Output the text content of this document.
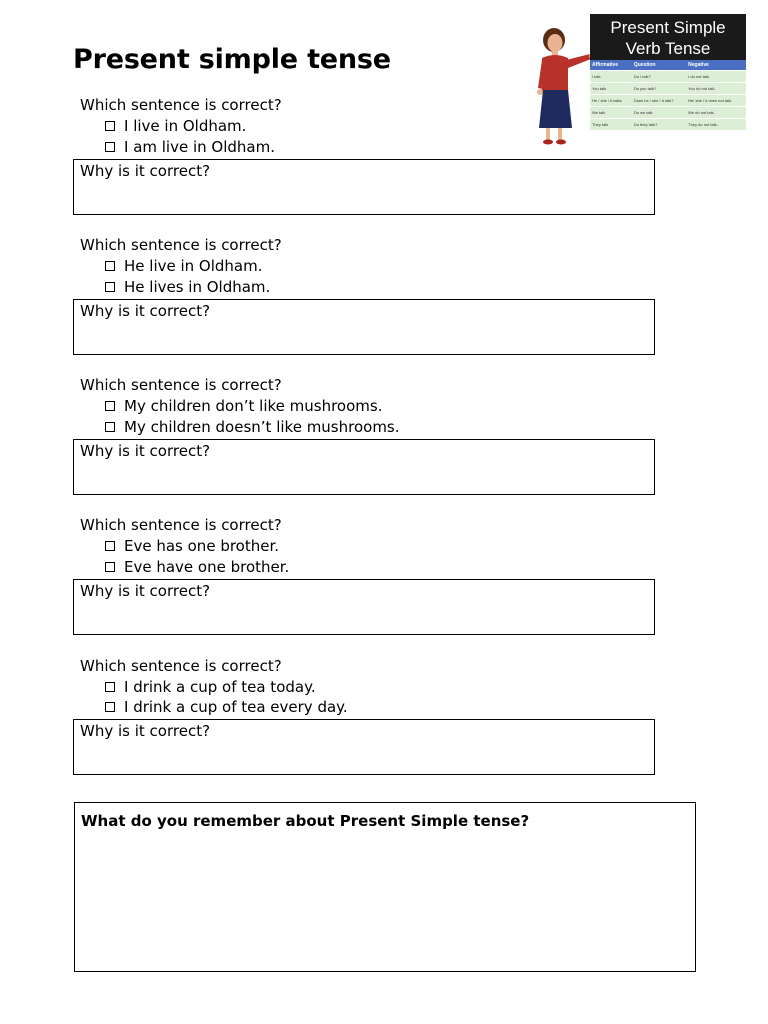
Present simple tense
Present Simple
Verb Tense
Affirmative	Question	Negative
I talk.	Do I talk?	I do not talk.
You talk	Do you talk?	You do not talk.
He / she / it talks	Does he / she / it talk?	He/ she / it does not talk.
We talk	Do we talk	We do not talk.
They talk	Do they talk?	They do not talk.
Which sentence is correct?
I live in Oldham.
I am live in Oldham.
Why is it correct?
Which sentence is correct?
He live in Oldham.
He lives in Oldham.
Why is it correct?
Which sentence is correct?
My children don’t like mushrooms.
My children doesn’t like mushrooms.
Why is it correct?
Which sentence is correct?
Eve has one brother.
Eve have one brother.
Why is it correct?
Which sentence is correct?
I drink a cup of tea today.
I drink a cup of tea every day.
Why is it correct?
What do you remember about Present Simple tense?
